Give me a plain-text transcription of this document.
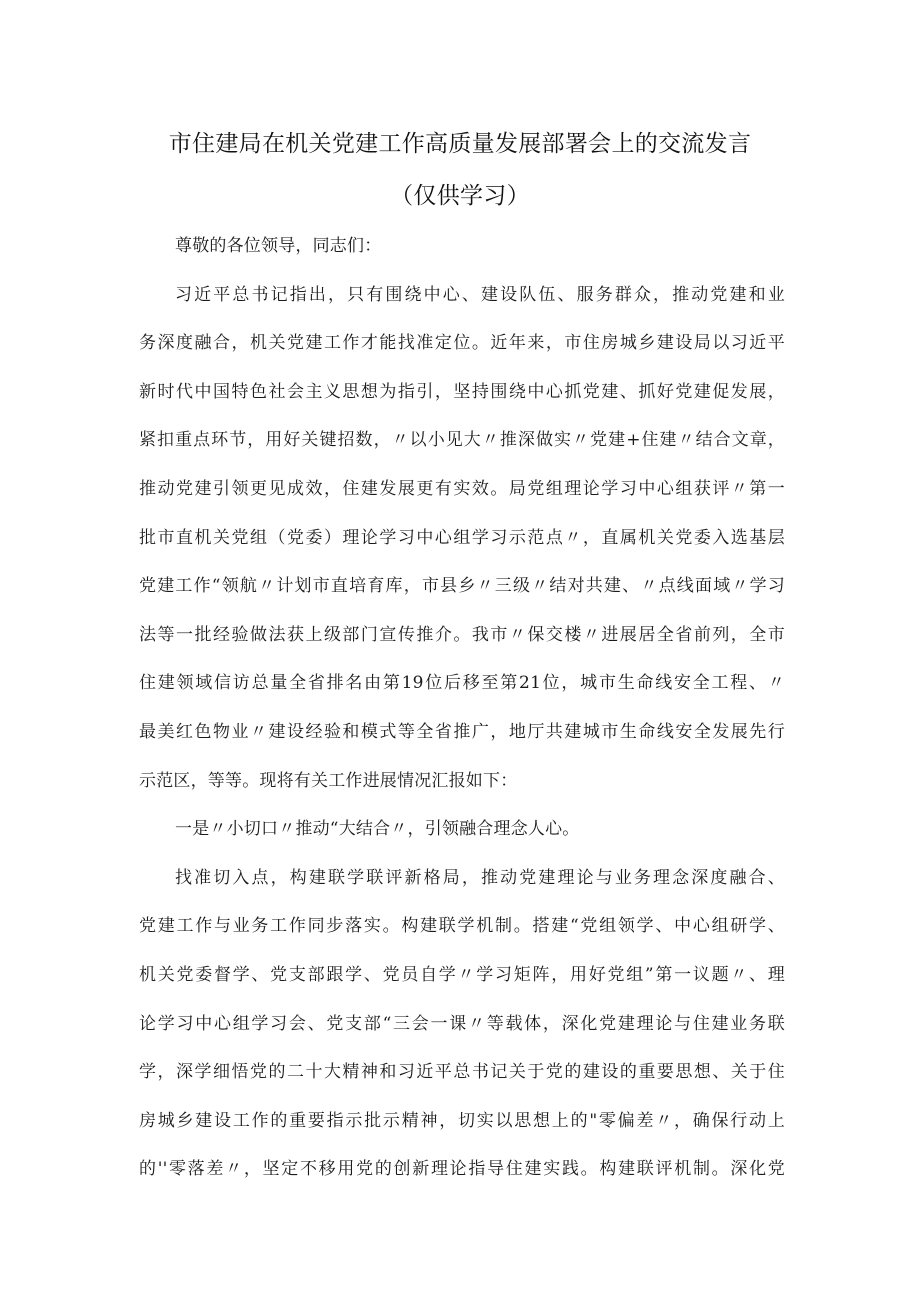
市住建局在机关党建工作高质量发展部署会上的交流发言
（仅供学习）
尊敬的各位领导，同志们：
习近平总书记指出，只有围绕中心、建设队伍、服务群众，推动党建和业
务深度融合，机关党建工作才能找准定位。近年来，市住房城乡建设局以习近平
新时代中国特色社会主义思想为指引，坚持围绕中心抓党建、抓好党建促发展，
紧扣重点环节，用好关键招数，〃以小见大〃推深做实〃党建+住建〃结合文章，
推动党建引领更见成效，住建发展更有实效。局党组理论学习中心组获评〃第一
批市直机关党组（党委）理论学习中心组学习示范点〃，直属机关党委入选基层
党建工作“领航〃计划市直培育库，市县乡〃三级〃结对共建、〃点线面域〃学习
法等一批经验做法获上级部门宣传推介。我市〃保交楼〃进展居全省前列，全市
住建领域信访总量全省排名由第19位后移至第21位，城市生命线安全工程、〃
最美红色物业〃建设经验和模式等全省推广，地厅共建城市生命线安全发展先行
示范区，等等。现将有关工作进展情况汇报如下：
一是〃小切口〃推动“大结合〃，引领融合理念人心。
找准切入点，构建联学联评新格局，推动党建理论与业务理念深度融合、
党建工作与业务工作同步落实。构建联学机制。搭建“党组领学、中心组研学、
机关党委督学、党支部跟学、党员自学〃学习矩阵，用好党组”第一议题〃、理
论学习中心组学习会、党支部“三会一课〃等载体，深化党建理论与住建业务联
学，深学细悟党的二十大精神和习近平总书记关于党的建设的重要思想、关于住
房城乡建设工作的重要指示批示精神，切实以思想上的"零偏差〃，确保行动上
的''零落差〃，坚定不移用党的创新理论指导住建实践。构建联评机制。深化党
